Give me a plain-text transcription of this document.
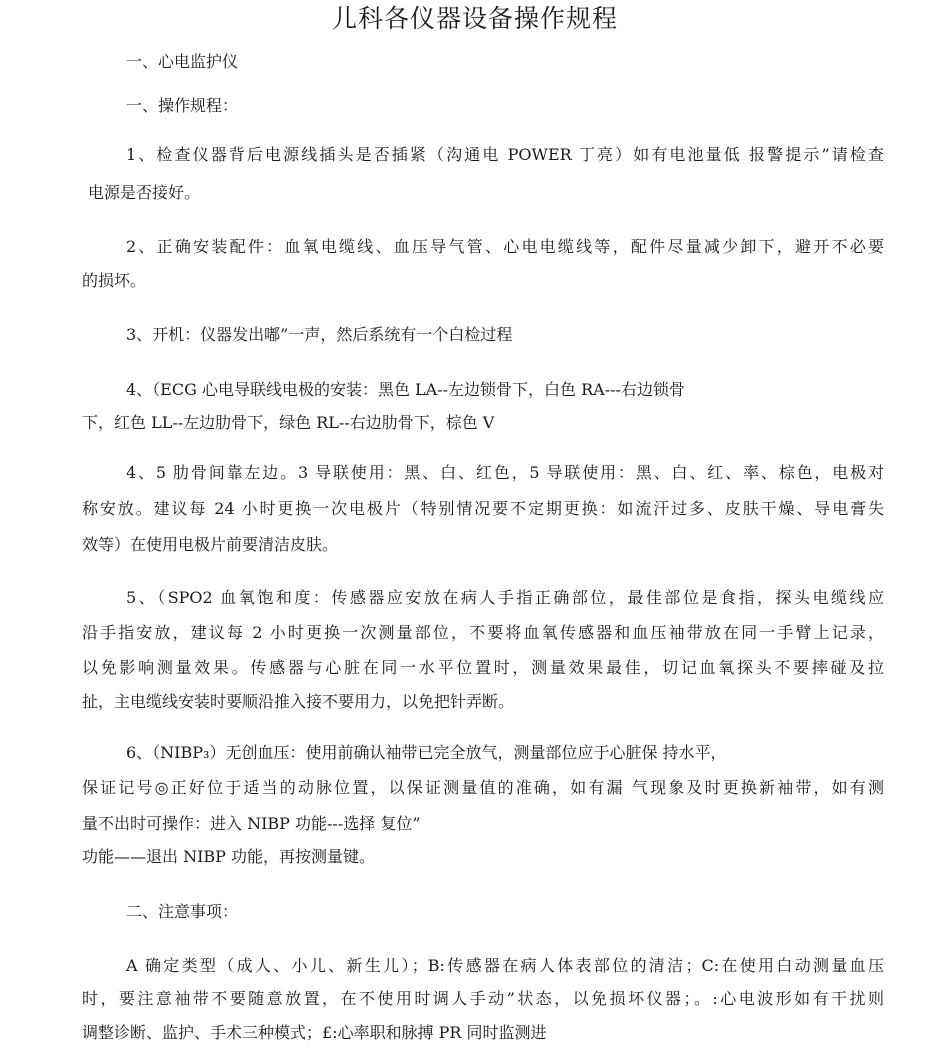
儿科各仪器设备操作规程
一、心电监护仪
一、操作规程：
1、检查仪器背后电源线插头是否插紧（沟通电 POWER 丁亮）如有电池量低 报警提示”请检查
电源是否接好。
2、正确安装配件：血氧电缆线、血压导气管、心电电缆线等，配件尽量减少卸下，避开不必要
的损坏。
3、开机：仪器发出嘟”一声，然后系统有一个白检过程
4、（ECG 心电导联线电极的安装：黑色 LA--左边锁骨下，白色 RA---右边锁骨
下，红色 LL--左边肋骨下，绿色 RL--右边肋骨下，棕色 V
4、5 肋骨间靠左边。3 导联使用：黑、白、红色，5 导联使用：黑、白、红、率、棕色，电极对
称安放。建议每 24 小时更换一次电极片（特别情况要不定期更换：如流汗过多、皮肤干燥、导电膏失
效等）在使用电极片前要清洁皮肤。
5、（SPO2 血氧饱和度：传感器应安放在病人手指正确部位，最佳部位是食指，探头电缆线应
沿手指安放，建议每 2 小时更换一次测量部位，不要将血氧传感器和血压袖带放在同一手臂上记录，
以免影响测量效果。传感器与心脏在同一水平位置时，测量效果最佳，切记血氧探头不要摔碰及拉
扯，主电缆线安装时要顺沿推入接不要用力，以免把针弄断。
6、（NIBP₃）无创血压：使用前确认袖带已完全放气，测量部位应于心脏保 持水平，
保证记号◎正好位于适当的动脉位置，以保证测量值的准确，如有漏 气现象及时更换新袖带，如有测
量不出时可操作：进入 NIBP 功能---选择 复位”
功能——退出 NIBP 功能，再按测量键。
二、注意事项：
A 确定类型（成人、小儿、新生儿）；B:传感器在病人体表部位的清洁；C:在使用白动测量血压
时，要注意袖带不要随意放置，在不使用时调人手动”状态，以免损坏仪器；。:心电波形如有干扰则
调整诊断、监护、手术三种模式；£:心率职和脉搏 PR 同时监测进
